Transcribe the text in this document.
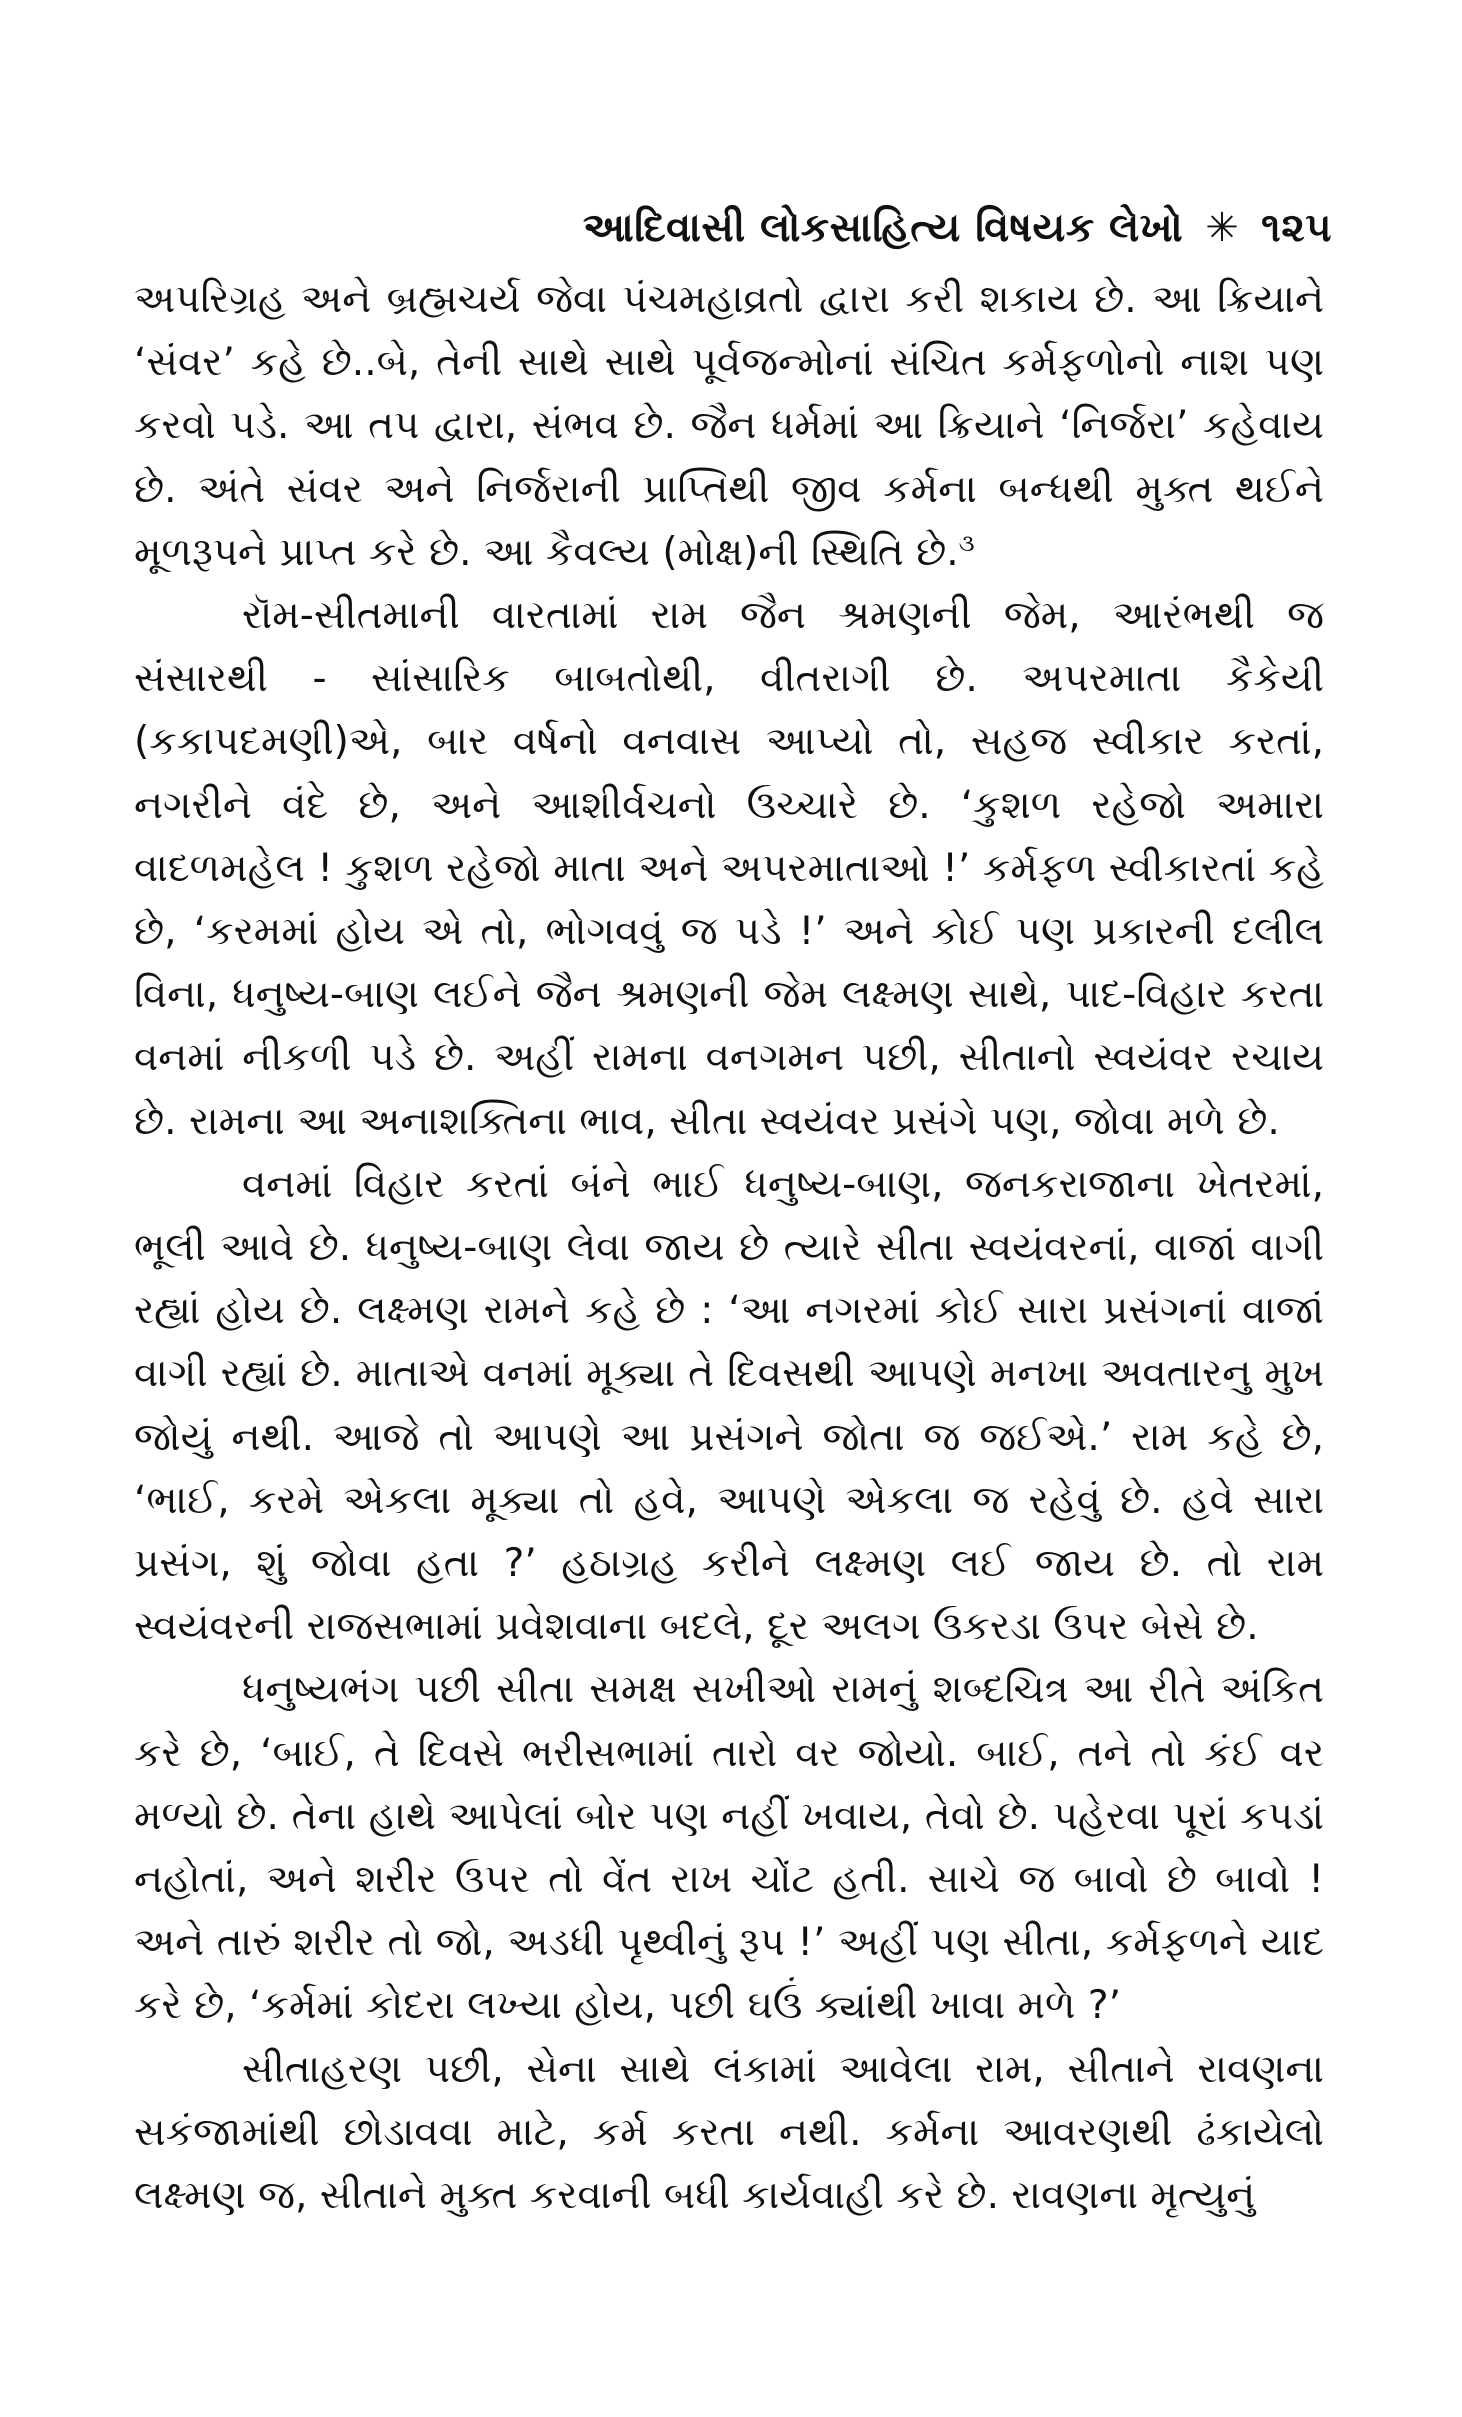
આદિવાસી લોકસાહિત્ય વિષયક લેખો ✳ ૧૨૫

અપરિગ્રહ અને બ્રહ્મચર્ય જેવા પંચમહાવ્રતો દ્વારા કરી શકાય છે. આ ક્રિયાને ‘સંવર’ કહે છે..બે, તેની સાથે સાથે પૂર્વજન્મોનાં સંચિત કર્મફળોનો નાશ પણ કરવો પડે. આ તપ દ્વારા, સંભવ છે. જૈન ધર્મમાં આ ક્રિયાને ‘નિર્જરા’ કહેવાય છે. અંતે સંવર અને નિર્જરાની પ્રાપ્તિથી જીવ કર્મના બન્ધથી મુક્ત થઈને મૂળરૂપને પ્રાપ્ત કરે છે. આ કૈવલ્ય (મોક્ષ)ની સ્થિતિ છે.$^૩$

રૉમ-સીતમાની વારતામાં રામ જૈન શ્રમણની જેમ, આરંભથી જ સંસારથી - સાંસારિક બાબતોથી, વીતરાગી છે. અપરમાતા કૈકેયી (કકાપદમણી)એ, બાર વર્ષનો વનવાસ આપ્યો તો, સહજ સ્વીકાર કરતાં, નગરીને વંદે છે, અને આશીર્વચનો ઉચ્ચારે છે. ‘કુશળ રહેજો અમારા વાદળમહેલ ! કુશળ રહેજો માતા અને અપરમાતાઓ !’ કર્મફળ સ્વીકારતાં કહે છે, ‘કરમમાં હોય એ તો, ભોગવવું જ પડે !’ અને કોઈ પણ પ્રકારની દલીલ વિના, ધનુષ્ય-બાણ લઈને જૈન શ્રમણની જેમ લક્ષ્મણ સાથે, પાદ-વિહાર કરતા વનમાં નીકળી પડે છે. અહીં રામના વનગમન પછી, સીતાનો સ્વયંવર રચાય છે. રામના આ અનાશક્તિના ભાવ, સીતા સ્વયંવર પ્રસંગે પણ, જોવા મળે છે.

વનમાં વિહાર કરતાં બંને ભાઈ ધનુષ્ય-બાણ, જનકરાજાના ખેતરમાં, ભૂલી આવે છે. ધનુષ્ય-બાણ લેવા જાય છે ત્યારે સીતા સ્વયંવરનાં, વાજાં વાગી રહ્યાં હોય છે. લક્ષ્મણ રામને કહે છે : ‘આ નગરમાં કોઈ સારા પ્રસંગનાં વાજાં વાગી રહ્યાં છે. માતાએ વનમાં મૂક્યા તે દિવસથી આપણે મનખા અવતારનુ મુખ જોયું નથી. આજે તો આપણે આ પ્રસંગને જોતા જ જઈએ.’ રામ કહે છે, ‘ભાઈ, કરમે એકલા મૂક્યા તો હવે, આપણે એકલા જ રહેવું છે. હવે સારા પ્રસંગ, શું જોવા હતા ?’ હઠાગ્રહ કરીને લક્ષ્મણ લઈ જાય છે. તો રામ સ્વયંવરની રાજસભામાં પ્રવેશવાના બદલે, દૂર અલગ ઉકરડા ઉપર બેસે છે.

ધનુષ્યભંગ પછી સીતા સમક્ષ સખીઓ રામનું શબ્દચિત્ર આ રીતે અંકિત કરે છે, ‘બાઈ, તે દિવસે ભરીસભામાં તારો વર જોયો. બાઈ, તને તો કંઈ વર મળ્યો છે. તેના હાથે આપેલાં બોર પણ નહીં ખવાય, તેવો છે. પહેરવા પૂરાં કપડાં નહોતાં, અને શરીર ઉપર તો વેંત રાખ ચોંટ હતી. સાચે જ બાવો છે બાવો ! અને તારું શરીર તો જો, અડધી પૃથ્વીનું રૂપ !’ અહીં પણ સીતા, કર્મફળને યાદ કરે છે, ‘કર્મમાં કોદરા લખ્યા હોય, પછી ઘઉં ક્યાંથી ખાવા મળે ?’

સીતાહરણ પછી, સેના સાથે લંકામાં આવેલા રામ, સીતાને રાવણના સકંજામાંથી છોડાવવા માટે, કર્મ કરતા નથી. કર્મના આવરણથી ઢંકાયેલો લક્ષ્મણ જ, સીતાને મુક્ત કરવાની બધી કાર્યવાહી કરે છે. રાવણના મૃત્યુનું
